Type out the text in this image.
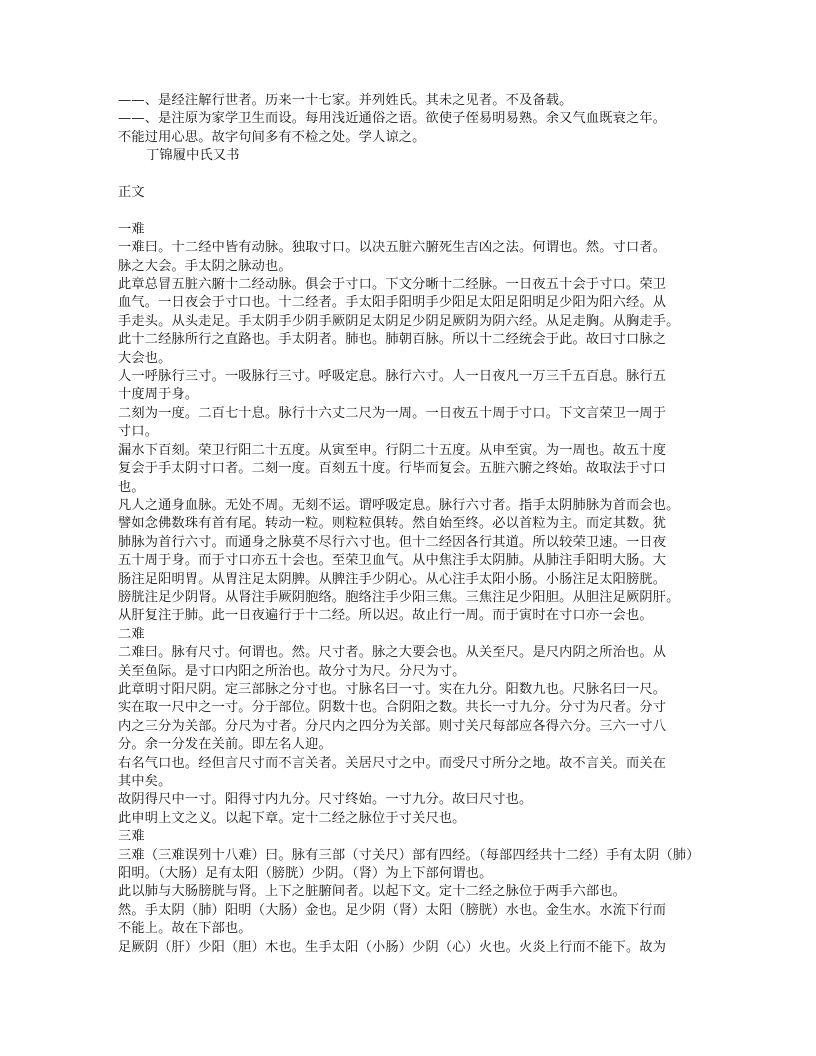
——、是经注解行世者。历来一十七家。并列姓氏。其未之见者。不及备载。
——、是注原为家学卫生而设。每用浅近通俗之语。欲使子侄易明易熟。余又气血既衰之年。
不能过用心思。故字句间多有不检之处。学人谅之。
丁锦履中氏又书
正文
一难
一难曰。十二经中皆有动脉。独取寸口。以决五脏六腑死生吉凶之法。何谓也。然。寸口者。
脉之大会。手太阴之脉动也。
此章总冒五脏六腑十二经动脉。俱会于寸口。下文分晰十二经脉。一日夜五十会于寸口。荣卫
血气。一日夜会于寸口也。十二经者。手太阳手阳明手少阳足太阳足阳明足少阳为阳六经。从
手走头。从头走足。手太阴手少阴手厥阴足太阴足少阴足厥阴为阴六经。从足走胸。从胸走手。
此十二经脉所行之直路也。手太阴者。肺也。肺朝百脉。所以十二经统会于此。故曰寸口脉之
大会也。
人一呼脉行三寸。一吸脉行三寸。呼吸定息。脉行六寸。人一日夜凡一万三千五百息。脉行五
十度周于身。
二刻为一度。二百七十息。脉行十六丈二尺为一周。一日夜五十周于寸口。下文言荣卫一周于
寸口。
漏水下百刻。荣卫行阳二十五度。从寅至申。行阴二十五度。从申至寅。为一周也。故五十度
复会于手太阴寸口者。二刻一度。百刻五十度。行毕而复会。五脏六腑之终始。故取法于寸口
也。
凡人之通身血脉。无处不周。无刻不运。谓呼吸定息。脉行六寸者。指手太阴肺脉为首而会也。
譬如念佛数珠有首有尾。转动一粒。则粒粒俱转。然自始至终。必以首粒为主。而定其数。犹
肺脉为首行六寸。而通身之脉莫不尽行六寸也。但十二经因各行其道。所以较荣卫速。一日夜
五十周于身。而于寸口亦五十会也。至荣卫血气。从中焦注手太阴肺。从肺注手阳明大肠。大
肠注足阳明胃。从胃注足太阴脾。从脾注手少阴心。从心注手太阳小肠。小肠注足太阳膀胱。
膀胱注足少阴肾。从肾注手厥阴胞络。胞络注手少阳三焦。三焦注足少阳胆。从胆注足厥阴肝。
从肝复注于肺。此一日夜遍行于十二经。所以迟。故止行一周。而于寅时在寸口亦一会也。
二难
二难曰。脉有尺寸。何谓也。然。尺寸者。脉之大要会也。从关至尺。是尺内阴之所治也。从
关至鱼际。是寸口内阳之所治也。故分寸为尺。分尺为寸。
此章明寸阳尺阴。定三部脉之分寸也。寸脉名曰一寸。实在九分。阳数九也。尺脉名曰一尺。
实在取一尺中之一寸。分于部位。阴数十也。合阴阳之数。共长一寸九分。分寸为尺者。分寸
内之三分为关部。分尺为寸者。分尺内之四分为关部。则寸关尺每部应各得六分。三六一寸八
分。余一分发在关前。即左名人迎。
右名气口也。经但言尺寸而不言关者。关居尺寸之中。而受尺寸所分之地。故不言关。而关在
其中矣。
故阴得尺中一寸。阳得寸内九分。尺寸终始。一寸九分。故曰尺寸也。
此申明上文之义。以起下章。定十二经之脉位于寸关尺也。
三难
三难（三难误列十八难）曰。脉有三部（寸关尺）部有四经。（每部四经共十二经）手有太阴（肺）
阳明。（大肠）足有太阳（膀胱）少阴。（肾）为上下部何谓也。
此以肺与大肠膀胱与肾。上下之脏腑间者。以起下文。定十二经之脉位于两手六部也。
然。手太阴（肺）阳明（大肠）金也。足少阴（肾）太阳（膀胱）水也。金生水。水流下行而
不能上。故在下部也。
足厥阴（肝）少阳（胆）木也。生手太阳（小肠）少阴（心）火也。火炎上行而不能下。故为
